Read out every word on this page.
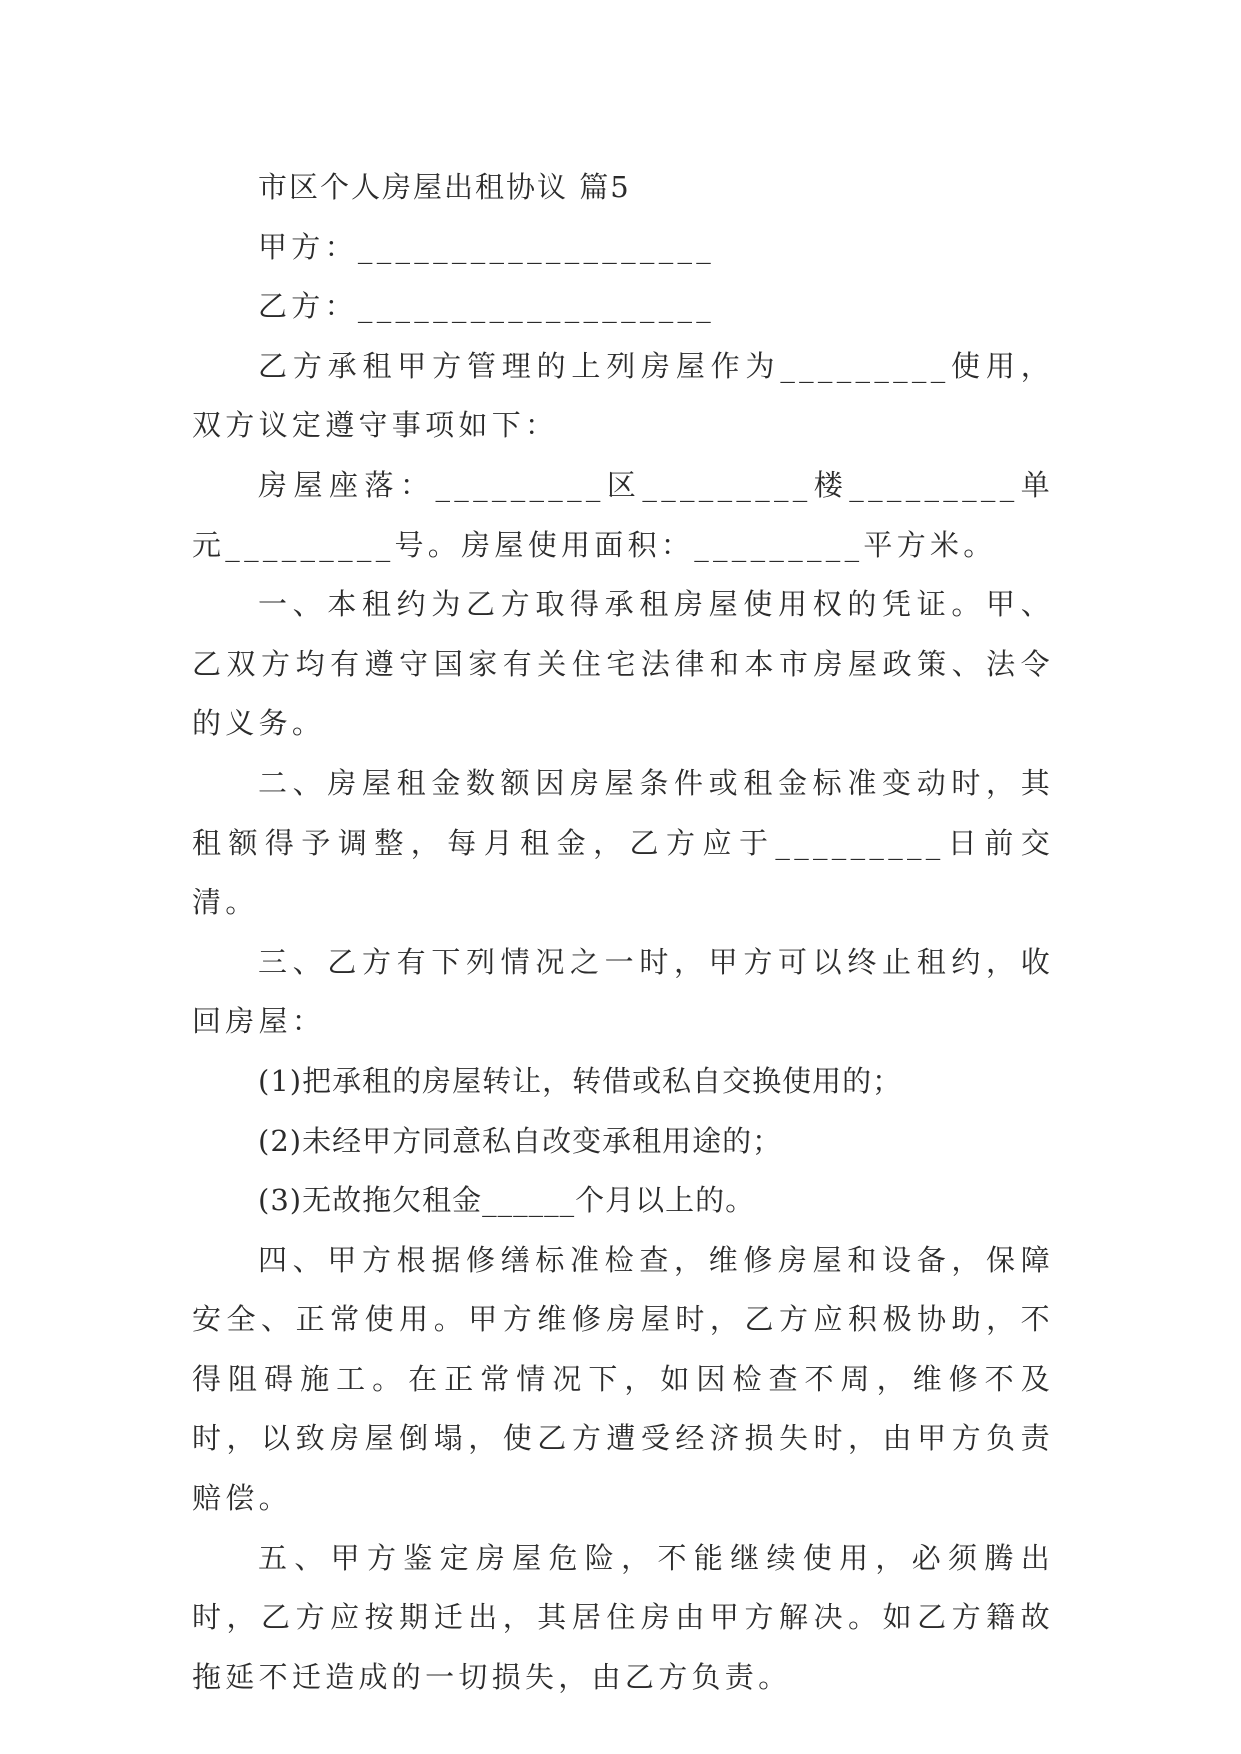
市区个人房屋出租协议 篇5

甲方：___________________

乙方：___________________

乙方承租甲方管理的上列房屋作为_________使用，双方议定遵守事项如下：

房屋座落：_________区_________楼_________单元_________号。房屋使用面积：_________平方米。

一、本租约为乙方取得承租房屋使用权的凭证。甲、乙双方均有遵守国家有关住宅法律和本市房屋政策、法令的义务。

二、房屋租金数额因房屋条件或租金标准变动时，其租额得予调整，每月租金，乙方应于_________日前交清。

三、乙方有下列情况之一时，甲方可以终止租约，收回房屋：

(1)把承租的房屋转让，转借或私自交换使用的；

(2)未经甲方同意私自改变承租用途的；

(3)无故拖欠租金______个月以上的。

四、甲方根据修缮标准检查，维修房屋和设备，保障安全、正常使用。甲方维修房屋时，乙方应积极协助，不得阻碍施工。在正常情况下，如因检查不周，维修不及时，以致房屋倒塌，使乙方遭受经济损失时，由甲方负责赔偿。

五、甲方鉴定房屋危险，不能继续使用，必须腾出时，乙方应按期迁出，其居住房由甲方解决。如乙方籍故拖延不迁造成的一切损失，由乙方负责。
